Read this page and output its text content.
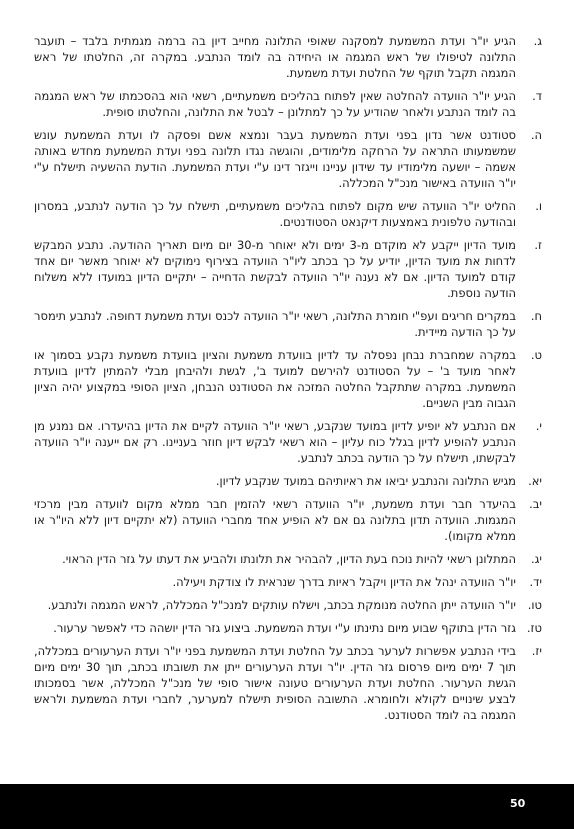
ג.

הגיע יו"ר ועדת המשמעת למסקנה שאופי התלונה מחייב דיון בה ברמה מגמתית בלבד – תועבר התלונה לטיפולו של ראש המגמה או היחידה בה לומד הנתבע. במקרה זה, החלטתו של ראש המגמה תקבל תוקף של החלטת ועדת משמעת.

ד.

הגיע יו"ר הוועדה להחלטה שאין לפתוח בהליכים משמעתיים, רשאי הוא בהסכמתו של ראש המגמה בה לומד הנתבע ולאחר שהודיע על כך למתלונן – לבטל את התלונה, והחלטתו סופית.

ה.

סטודנט אשר נדון בפני ועדת המשמעת בעבר ונמצא אשם ופסקה לו ועדת המשמעת עונש שמשמעותו התראה על הרחקה מלימודים, והוגשה נגדו תלונה בפני ועדת המשמעת מחדש באותה אשמה – יושעה מלימודיו עד שידון עניינו וייגזר דינו ע"י ועדת המשמעת. הודעת ההשעיה תישלח ע"י יו"ר הוועדה באישור מנכ"ל המכללה.

ו.

החליט יו"ר הוועדה שיש מקום לפתוח בהליכים משמעתיים, תישלח על כך הודעה לנתבע, במסרון ובהודעה טלפונית באמצעות דיקנאט הסטודנטים.

ז.

מועד הדיון ייקבע לא מוקדם מ-3 ימים ולא יאוחר מ-30 יום מיום תאריך ההודעה. נתבע המבקש לדחות את מועד הדיון, יודיע על כך בכתב ליו"ר הוועדה בצירוף נימוקים לא יאוחר מאשר יום אחד קודם למועד הדיון. אם לא נענה יו"ר הוועדה לבקשת הדחייה – יתקיים הדיון במועדו ללא משלוח הודעה נוספת.

ח.

במקרים חריגים ועפ"י חומרת התלונה, רשאי יו"ר הוועדה לכנס ועדת משמעת דחופה. לנתבע תימסר על כך הודעה מיידית.

ט.

במקרה שמחברת נבחן נפסלה עד לדיון בוועדת משמעת והציון בוועדת משמעת נקבע בסמוך או לאחר מועד ב' – על הסטודנט להירשם למועד ב', לגשת ולהיבחן מבלי להמתין לדיון בוועדת המשמעת. במקרה שתתקבל החלטה המזכה את הסטודנט הנבחן, הציון הסופי במקצוע יהיה הציון הגבוה מבין השניים.

י.

אם הנתבע לא יופיע לדיון במועד שנקבע, רשאי יו"ר הוועדה לקיים את הדיון בהיעדרו. אם נמנע מן הנתבע להופיע לדיון בגלל כוח עליון – הוא רשאי לבקש דיון חוזר בעניינו. רק אם ייענה יו"ר הוועדה לבקשתו, תישלח על כך הודעה בכתב לנתבע.

יא.

מגיש התלונה והנתבע יביאו את ראיותיהם במועד שנקבע לדיון.

יב.

בהיעדר חבר ועדת משמעת, יו"ר הוועדה רשאי להזמין חבר ממלא מקום לוועדה מבין מרכזי המגמות. הוועדה תדון בתלונה גם אם לא הופיע אחד מחברי הוועדה (לא יתקיים דיון ללא היו"ר או ממלא מקומו).

יג.

המתלונן רשאי להיות נוכח בעת הדיון, להבהיר את תלונתו ולהביע את דעתו על גזר הדין הראוי.

יד.

יו"ר הוועדה ינהל את הדיון ויקבל ראיות בדרך שנראית לו צודקת ויעילה.

טו.

יו"ר הוועדה ייתן החלטה מנומקת בכתב, וישלח עותקים למנכ"ל המכללה, לראש המגמה ולנתבע.

טז.

גזר הדין בתוקף שבוע מיום נתינתו ע"י ועדת המשמעת. ביצוע גזר הדין יושהה כדי לאפשר ערעור.

יז.

בידי הנתבע אפשרות לערער בכתב על החלטת ועדת המשמעת בפני יו"ר ועדת הערעורים במכללה, תוך 7 ימים מיום פרסום גזר הדין. יו"ר ועדת הערעורים ייתן את תשובתו בכתב, תוך 30 ימים מיום הגשת הערעור. החלטת ועדת הערעורים טעונה אישור סופי של מנכ"ל המכללה, אשר בסמכותו לבצע שינויים לקולא ולחומרא. התשובה הסופית תישלח למערער, לחברי ועדת המשמעת ולראש המגמה בה לומד הסטודנט.

50
